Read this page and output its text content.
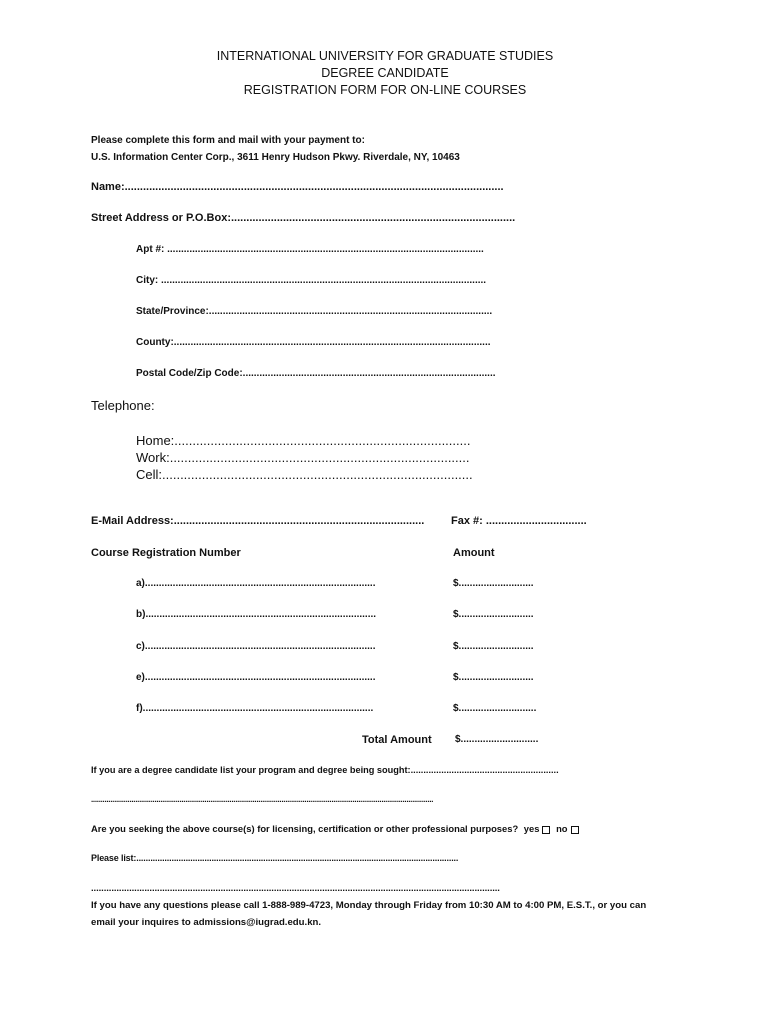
INTERNATIONAL UNIVERSITY FOR GRADUATE STUDIES
DEGREE CANDIDATE
REGISTRATION FORM FOR ON-LINE COURSES
Please complete this form and mail with your payment to:
U.S. Information Center Corp., 3611 Henry Hudson Pkwy. Riverdale, NY, 10463
Name:............................................................................................................................
Street Address or P.O.Box:.............................................................................................
Apt #: ..................................................................................................................
City: .....................................................................................................................
State/Province:......................................................................................................
County:..................................................................................................................
Postal Code/Zip Code:...........................................................................................
Telephone:
Home:..................................................................................
Work:...................................................................................
Cell:......................................................................................
E-Mail Address:.................................................................................. Fax #: .................................
Course Registration Number	Amount
a)...................................................................................	$...........................
b)...................................................................................	$...........................
c)...................................................................................	$...........................
e)...................................................................................	$...........................
f)...................................................................................	$............................
Total Amount $............................
If you are a degree candidate list your program and degree being sought:..........................................................
..................................................................................................................................................................................
Are you seeking the above course(s) for licensing, certification or other professional purposes? yes no
Please list:.........................................................................................................................................
.................................................................................................................................................................
If you have any questions please call 1-888-989-4723, Monday through Friday from 10:30 AM to 4:00 PM, E.S.T., or you can
email your inquires to admissions@iugrad.edu.kn.
